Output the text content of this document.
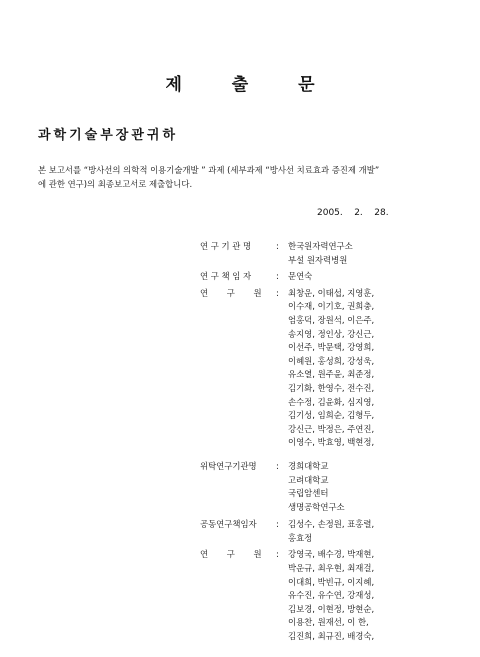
제 출 문
과학기술부장관귀하
본 보고서를 “방사선의 의학적 이용기술개발 ” 과제 (세부과제 “방사선 치료효과 증진제 개발”
에 관한 연구)의 최종보고서로 제출합니다.
2005.    2.    28.
연 구 기 관 명	:	한국원자력연구소
부설 원자력병원
연 구 책 임 자	:	문연숙
연       구       원	:	최창운, 이태섭, 지영훈,
이수재, 이기호, 권희충,
엄홍덕, 장원석, 이은주,
송지영, 정인상, 강신근,
이선주, 박문택, 강영희,
이혜원, 홍성희, 강성욱,
유소열, 원주윤, 최준정,
김기화, 한영수, 전수진,
손수정, 김윤화, 심지영,
김기성, 임희순, 김형두,
강신근, 박정은, 주연진,
이영수, 박효영, 백현정,
위탁연구기관명	:	경희대학교
고려대학교
국립암센터
생명공학연구소
공동연구책임자	:	김성수, 손정원, 표홍렬,
홍효정
연       구       원	:	강영국, 배수경, 박재현,
박운규, 최우현, 최재걸,
이대희, 박빈규, 이지혜,
유수진, 유수연, 강재성,
김보경, 이현정, 방현순,
이용찬, 원재선, 이 한,
김진희, 최규진, 배경숙,
